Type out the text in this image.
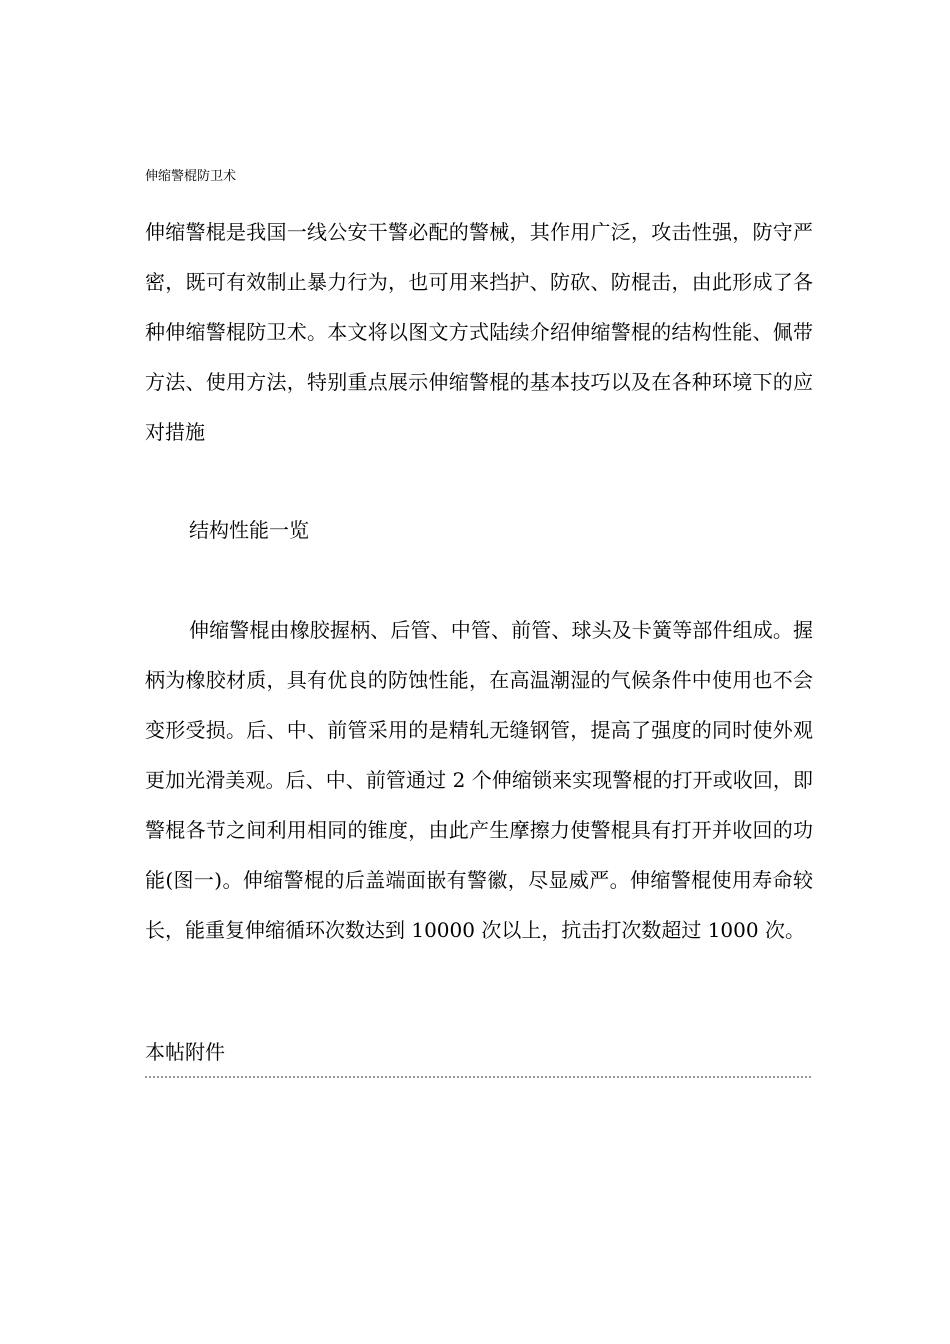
伸缩警棍防卫术

伸缩警棍是我国一线公安干警必配的警械，其作用广泛，攻击性强，防守严密，既可有效制止暴力行为，也可用来挡护、防砍、防棍击，由此形成了各种伸缩警棍防卫术。本文将以图文方式陆续介绍伸缩警棍的结构性能、佩带方法、使用方法，特别重点展示伸缩警棍的基本技巧以及在各种环境下的应对措施

结构性能一览

伸缩警棍由橡胶握柄、后管、中管、前管、球头及卡簧等部件组成。握柄为橡胶材质，具有优良的防蚀性能，在高温潮湿的气候条件中使用也不会变形受损。后、中、前管采用的是精轧无缝钢管，提高了强度的同时使外观更加光滑美观。后、中、前管通过 2 个伸缩锁来实现警棍的打开或收回，即警棍各节之间利用相同的锥度，由此产生摩擦力使警棍具有打开并收回的功能(图一)。伸缩警棍的后盖端面嵌有警徽，尽显威严。伸缩警棍使用寿命较长，能重复伸缩循环次数达到 10000 次以上，抗击打次数超过 1000 次。

本帖附件
